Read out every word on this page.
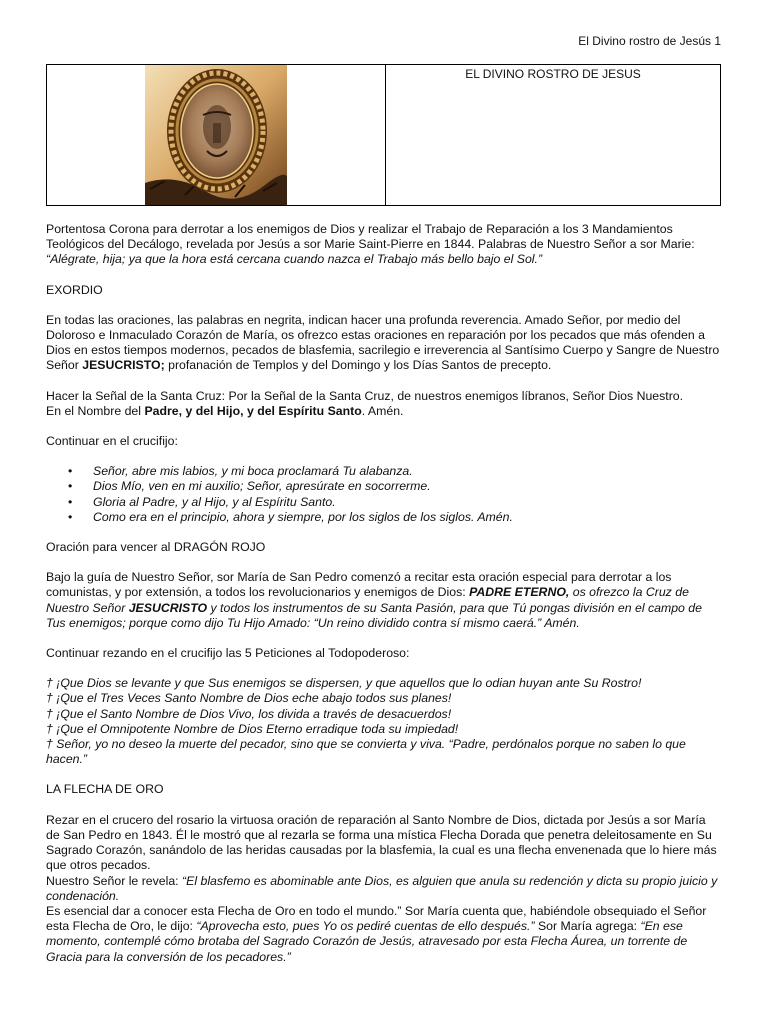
El Divino rostro de Jesús 1
EL DIVINO ROSTRO DE JESUS

Portentosa Corona para derrotar a los enemigos de Dios y realizar el Trabajo de Reparación a los 3 Mandamientos Teológicos del Decálogo, revelada por Jesús a sor Marie Saint-Pierre en 1844. Palabras de Nuestro Señor a sor Marie: “Alégrate, hija; ya que la hora está cercana cuando nazca el Trabajo más bello bajo el Sol.”

EXORDIO

En todas las oraciones, las palabras en negrita, indican hacer una profunda reverencia. Amado Señor, por medio del Doloroso e Inmaculado Corazón de María, os ofrezco estas oraciones en reparación por los pecados que más ofenden a Dios en estos tiempos modernos, pecados de blasfemia, sacrilegio e irreverencia al Santísimo Cuerpo y Sangre de Nuestro Señor JESUCRISTO; profanación de Templos y del Domingo y los Días Santos de precepto.

Hacer la Señal de la Santa Cruz: Por la Señal de la Santa Cruz, de nuestros enemigos líbranos, Señor Dios Nuestro.

En el Nombre del Padre, y del Hijo, y del Espíritu Santo. Amén.

Continuar en el crucifijo:

• Señor, abre mis labios, y mi boca proclamará Tu alabanza.
• Dios Mío, ven en mi auxilio; Señor, apresúrate en socorrerme.
• Gloria al Padre, y al Hijo, y al Espíritu Santo.
• Como era en el principio, ahora y siempre, por los siglos de los siglos. Amén.

Oración para vencer al DRAGÓN ROJO

Bajo la guía de Nuestro Señor, sor María de San Pedro comenzó a recitar esta oración especial para derrotar a los comunistas, y por extensión, a todos los revolucionarios y enemigos de Dios: PADRE ETERNO, os ofrezco la Cruz de Nuestro Señor JESUCRISTO y todos los instrumentos de su Santa Pasión, para que Tú pongas división en el campo de Tus enemigos; porque como dijo Tu Hijo Amado: “Un reino dividido contra sí mismo caerá.” Amén.

Continuar rezando en el crucifijo las 5 Peticiones al Todopoderoso:

† ¡Que Dios se levante y que Sus enemigos se dispersen, y que aquellos que lo odian huyan ante Su Rostro!
† ¡Que el Tres Veces Santo Nombre de Dios eche abajo todos sus planes!
† ¡Que el Santo Nombre de Dios Vivo, los divida a través de desacuerdos!
† ¡Que el Omnipotente Nombre de Dios Eterno erradique toda su impiedad!
† Señor, yo no deseo la muerte del pecador, sino que se convierta y viva. “Padre, perdónalos porque no saben lo que hacen.”

LA FLECHA DE ORO

Rezar en el crucero del rosario la virtuosa oración de reparación al Santo Nombre de Dios, dictada por Jesús a sor María de San Pedro en 1843. Él le mostró que al rezarla se forma una mística Flecha Dorada que penetra deleitosamente en Su Sagrado Corazón, sanándolo de las heridas causadas por la blasfemia, la cual es una flecha envenenada que lo hiere más que otros pecados.

Nuestro Señor le revela: “El blasfemo es abominable ante Dios, es alguien que anula su redención y dicta su propio juicio y condenación.

Es esencial dar a conocer esta Flecha de Oro en todo el mundo.” Sor María cuenta que, habiéndole obsequiado el Señor esta Flecha de Oro, le dijo: “Aprovecha esto, pues Yo os pediré cuentas de ello después.” Sor María agrega: “En ese momento, contemplé cómo brotaba del Sagrado Corazón de Jesús, atravesado por esta Flecha Áurea, un torrente de Gracia para la conversión de los pecadores.”
